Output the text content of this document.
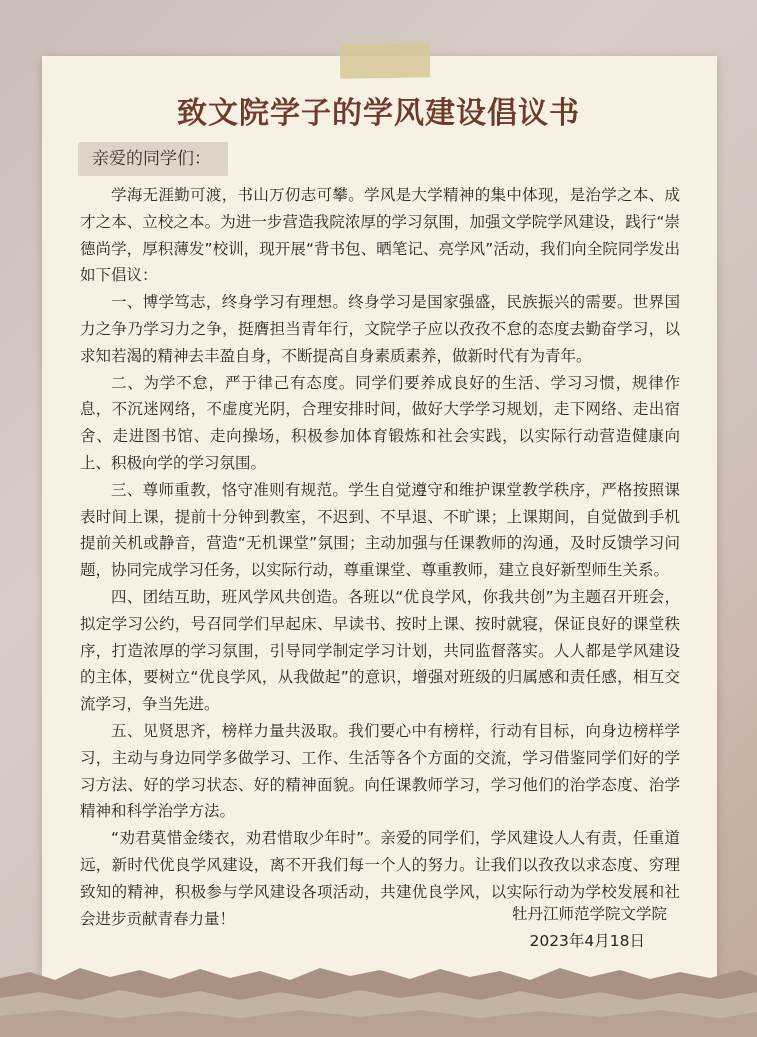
致文院学子的学风建设倡议书
亲爱的同学们：

学海无涯勤可渡，书山万仞志可攀。学风是大学精神的集中体现，是治学之本、成才之本、立校之本。为进一步营造我院浓厚的学习氛围，加强文学院学风建设，践行“崇德尚学，厚积薄发”校训，现开展“背书包、晒笔记、亮学风”活动，我们向全院同学发出如下倡议：

一、博学笃志，终身学习有理想。终身学习是国家强盛，民族振兴的需要。世界国力之争乃学习力之争，挺膺担当青年行，文院学子应以孜孜不怠的态度去勤奋学习，以求知若渴的精神去丰盈自身，不断提高自身素质素养，做新时代有为青年。

二、为学不怠，严于律己有态度。同学们要养成良好的生活、学习习惯，规律作息，不沉迷网络，不虚度光阴，合理安排时间，做好大学学习规划，走下网络、走出宿舍、走进图书馆、走向操场，积极参加体育锻炼和社会实践，以实际行动营造健康向上、积极向学的学习氛围。

三、尊师重教，恪守准则有规范。学生自觉遵守和维护课堂教学秩序，严格按照课表时间上课，提前十分钟到教室，不迟到、不早退、不旷课；上课期间，自觉做到手机提前关机或静音，营造“无机课堂”氛围；主动加强与任课教师的沟通，及时反馈学习问题，协同完成学习任务，以实际行动，尊重课堂、尊重教师，建立良好新型师生关系。

四、团结互助，班风学风共创造。各班以“优良学风，你我共创”为主题召开班会，拟定学习公约，号召同学们早起床、早读书、按时上课、按时就寝，保证良好的课堂秩序，打造浓厚的学习氛围，引导同学制定学习计划，共同监督落实。人人都是学风建设的主体，要树立“优良学风，从我做起”的意识，增强对班级的归属感和责任感，相互交流学习，争当先进。

五、见贤思齐，榜样力量共汲取。我们要心中有榜样，行动有目标，向身边榜样学习，主动与身边同学多做学习、工作、生活等各个方面的交流，学习借鉴同学们好的学习方法、好的学习状态、好的精神面貌。向任课教师学习，学习他们的治学态度、治学精神和科学治学方法。

“劝君莫惜金缕衣，劝君惜取少年时”。亲爱的同学们，学风建设人人有责，任重道远，新时代优良学风建设，离不开我们每一个人的努力。让我们以孜孜以求态度、穷理致知的精神，积极参与学风建设各项活动，共建优良学风，以实际行动为学校发展和社会进步贡献青春力量！	牡丹江师范学院文学院
2023年4月18日
